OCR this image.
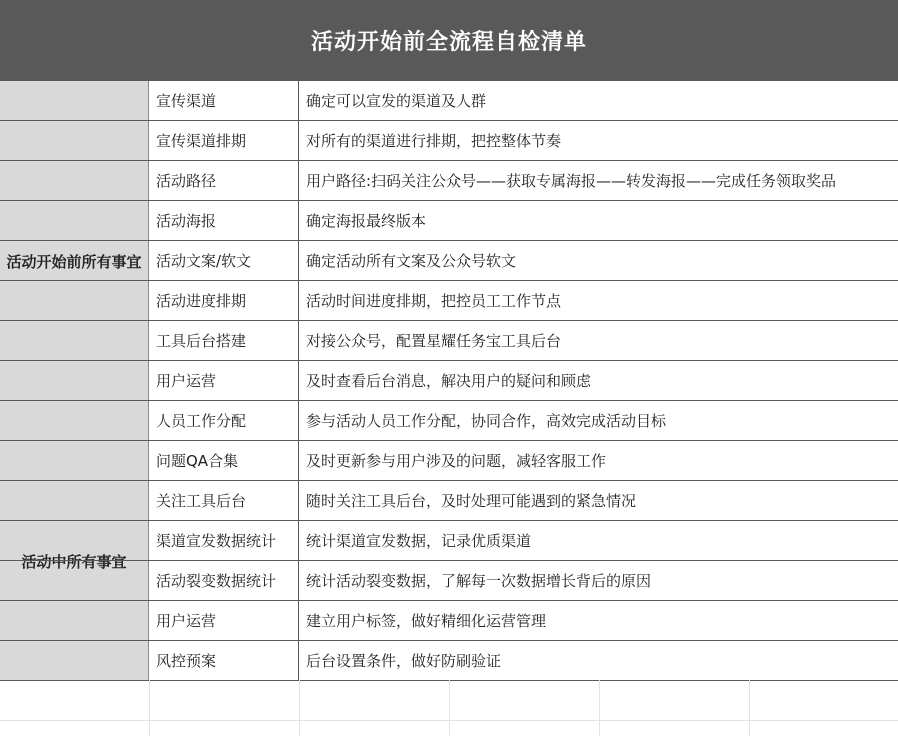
活动开始前全流程自检清单
活动开始前所有事宜
宣传渠道	确定可以宣发的渠道及人群
宣传渠道排期	对所有的渠道进行排期，把控整体节奏
活动路径	用户路径:扫码关注公众号——获取专属海报——转发海报——完成任务领取奖品
活动海报	确定海报最终版本
活动文案/软文	确定活动所有文案及公众号软文
活动进度排期	活动时间进度排期，把控员工工作节点
工具后台搭建	对接公众号，配置星耀任务宝工具后台
用户运营	及时查看后台消息，解决用户的疑问和顾虑
人员工作分配	参与活动人员工作分配，协同合作，高效完成活动目标
活动中所有事宜
问题QA合集	及时更新参与用户涉及的问题，减轻客服工作
关注工具后台	随时关注工具后台，及时处理可能遇到的紧急情况
渠道宣发数据统计	统计渠道宣发数据，记录优质渠道
活动裂变数据统计	统计活动裂变数据，了解每一次数据增长背后的原因
用户运营	建立用户标签，做好精细化运营管理
风控预案	后台设置条件，做好防刷验证
